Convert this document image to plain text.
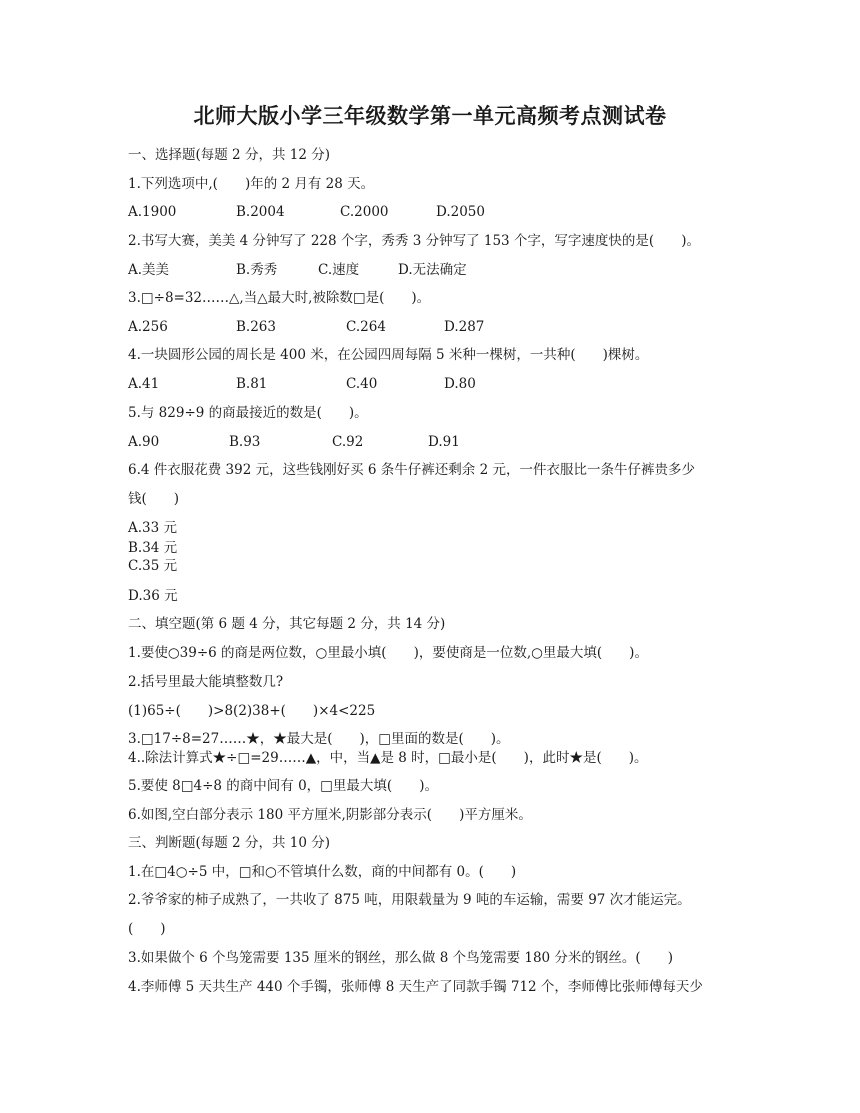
北师大版小学三年级数学第一单元高频考点测试卷
一、选择题(每题 2 分，共 12 分)
1.下列选项中,(　　)年的 2 月有 28 天。
A.1900	B.2004	C.2000	D.2050
2.书写大赛，美美 4 分钟写了 228 个字，秀秀 3 分钟写了 153 个字，写字速度快的是(　　)。
A.美美	B.秀秀	C.速度	D.无法确定
3.□÷8=32……△,当△最大时,被除数□是(　　)。
A.256	B.263	C.264	D.287
4.一块圆形公园的周长是 400 米，在公园四周每隔 5 米种一棵树，一共种(　　)棵树。
A.41	B.81	C.40	D.80
5.与 829÷9 的商最接近的数是(　　)。
A.90	B.93	C.92	D.91
6.4 件衣服花费 392 元，这些钱刚好买 6 条牛仔裤还剩余 2 元，一件衣服比一条牛仔裤贵多少
钱(　　)
A.33 元
B.34 元
C.35 元
D.36 元
二、填空题(第 6 题 4 分，其它每题 2 分，共 14 分)
1.要使○39÷6 的商是两位数，○里最小填(　　)，要使商是一位数,○里最大填(　　)。
2.括号里最大能填整数几?
(1)65÷(　　)>8(2)38+(　　)×4<225
3.□17÷8=27……★，★最大是(　　)，□里面的数是(　　)。
4..除法计算式★÷□=29……▲，中，当▲是 8 时，□最小是(　　)，此时★是(　　)。
5.要使 8□4÷8 的商中间有 0，□里最大填(　　)。
6.如图,空白部分表示 180 平方厘米,阴影部分表示(　　)平方厘米。
三、判断题(每题 2 分，共 10 分)
1.在□4○÷5 中，□和○不管填什么数，商的中间都有 0。(　　)
2.爷爷家的柿子成熟了，一共收了 875 吨，用限载量为 9 吨的车运输，需要 97 次才能运完。
(　　)
3.如果做个 6 个鸟笼需要 135 厘米的钢丝，那么做 8 个鸟笼需要 180 分米的钢丝。(　　)
4.李师傅 5 天共生产 440 个手镯，张师傅 8 天生产了同款手镯 712 个，李师傅比张师傅每天少
